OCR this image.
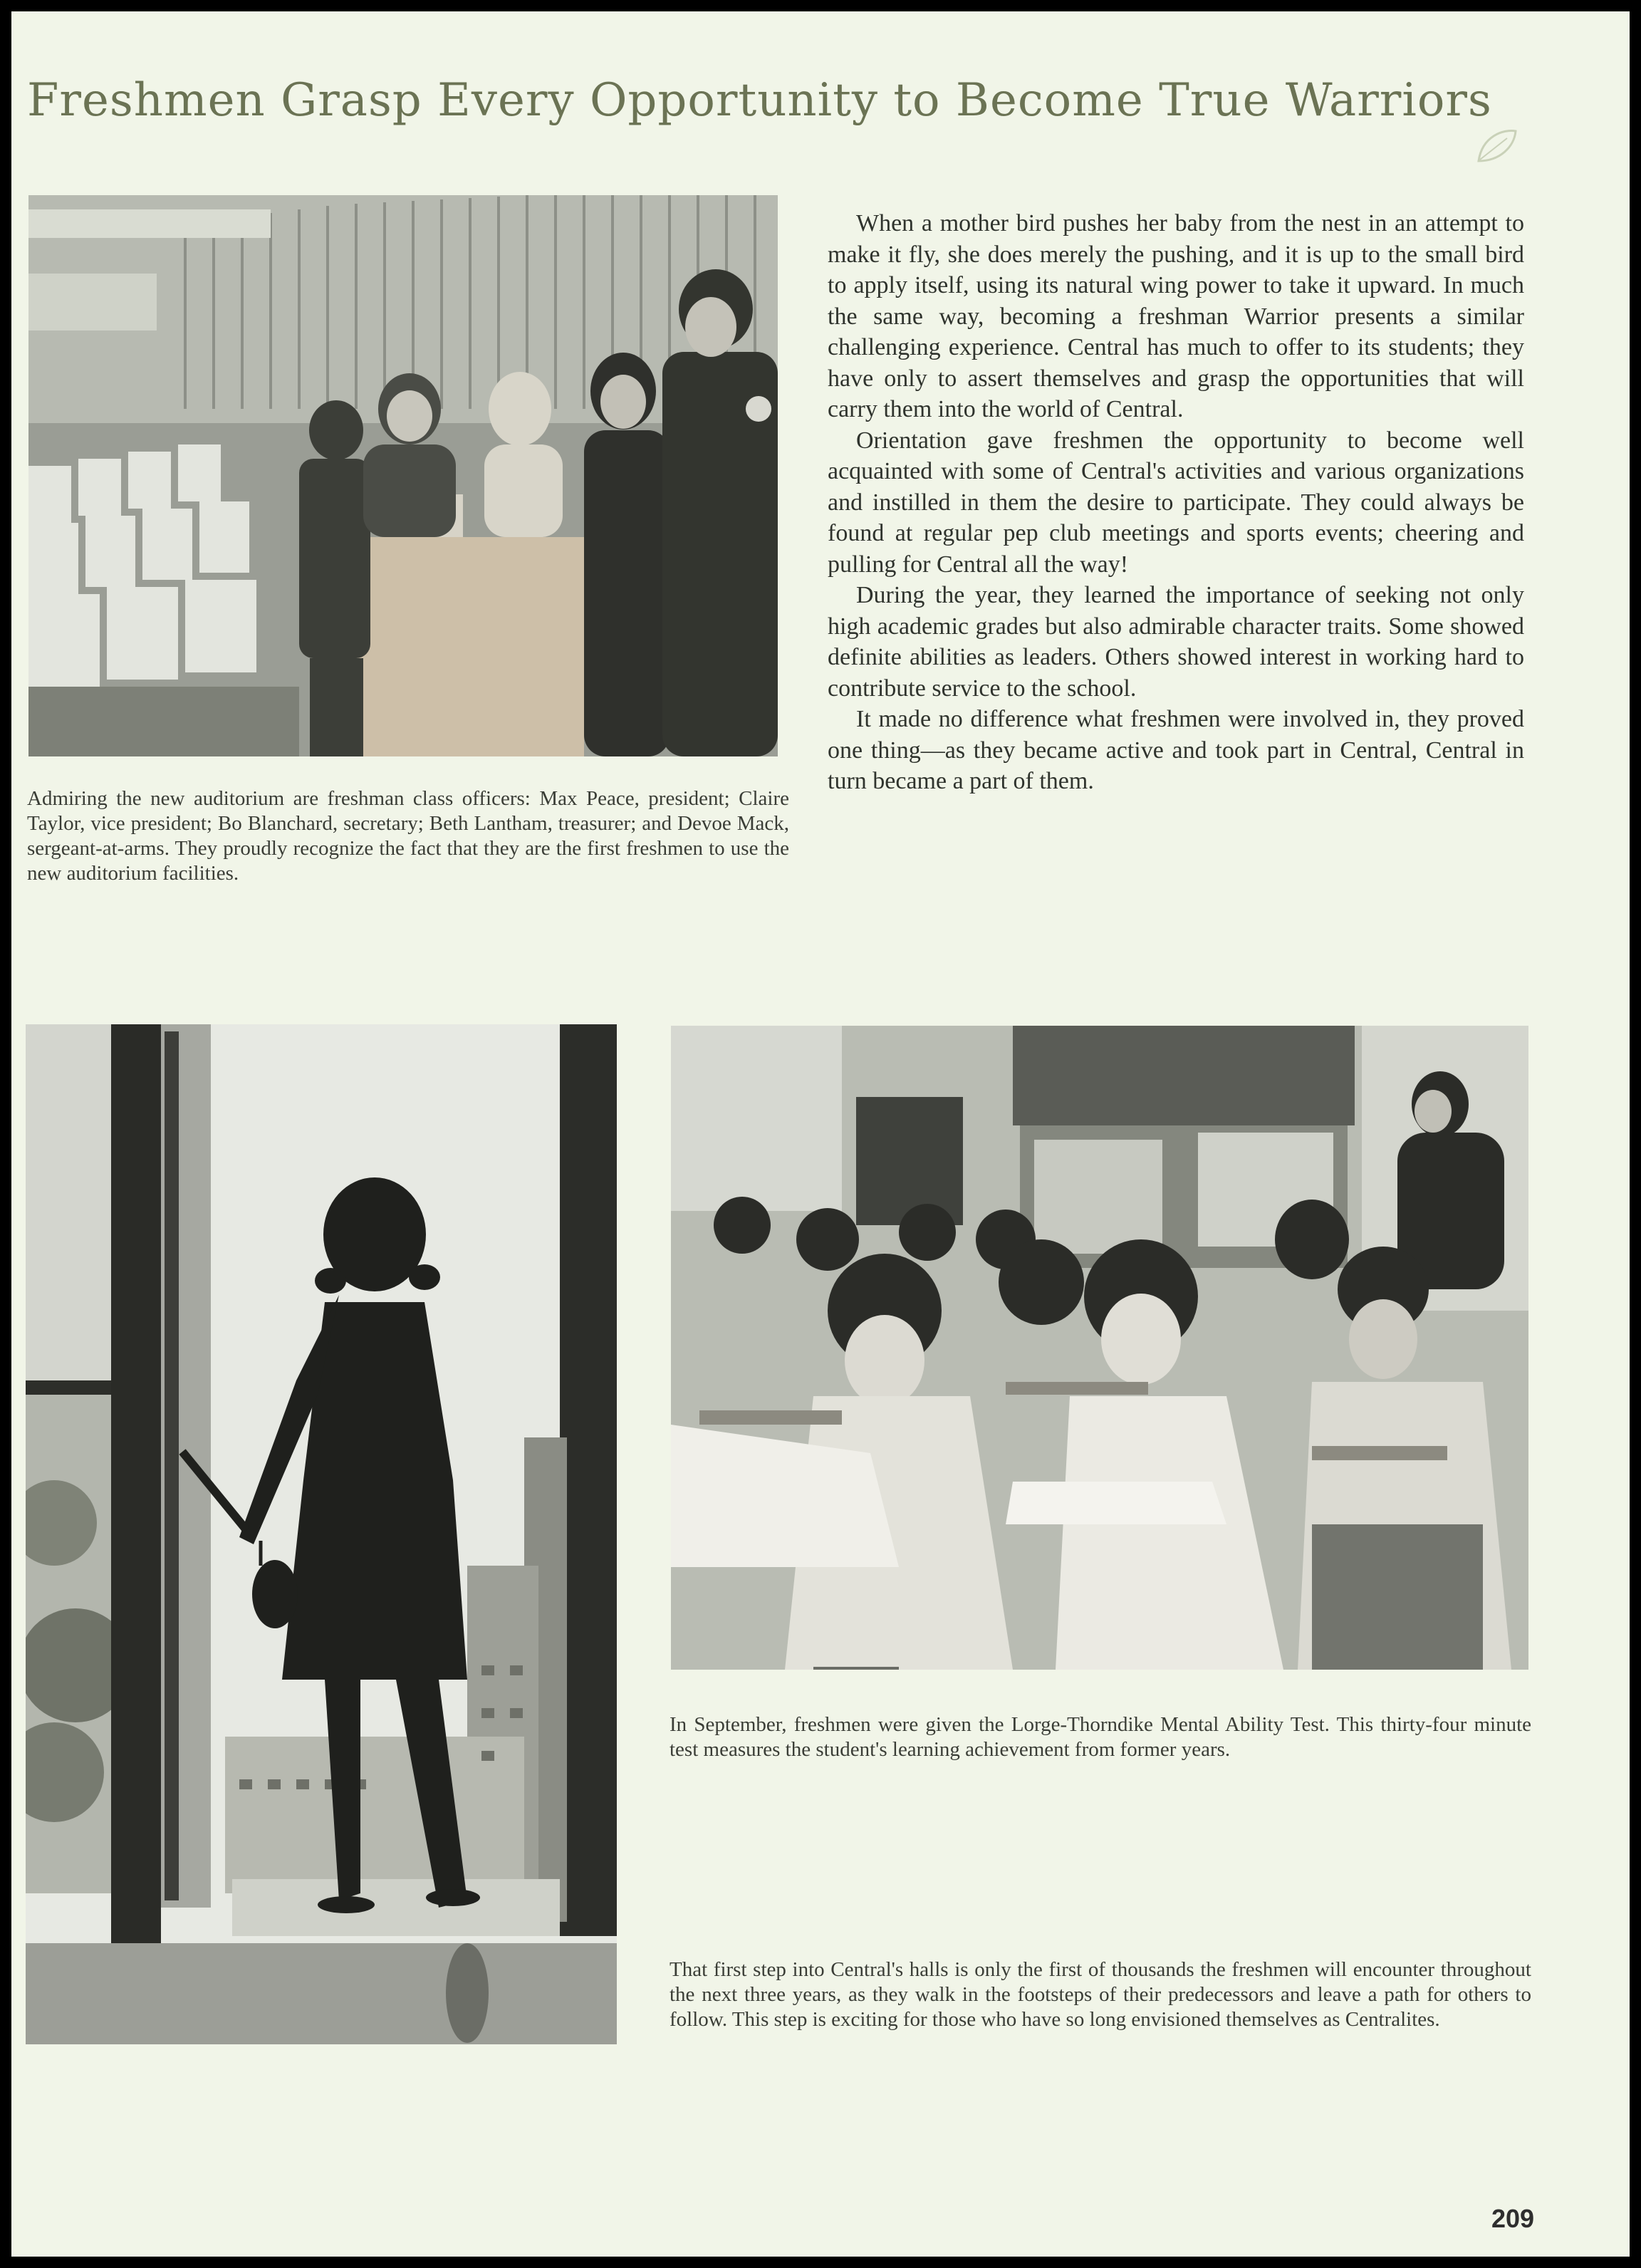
Freshmen Grasp Every Opportunity to Become True Warriors
Admiring the new auditorium are freshman class officers: Max Peace, president; Claire Taylor, vice president; Bo Blanchard, secretary; Beth Lantham, treasurer; and Devoe Mack, sergeant-at-arms. They proudly recognize the fact that they are the first freshmen to use the new auditorium facilities.

When a mother bird pushes her baby from the nest in an attempt to make it fly, she does merely the pushing, and it is up to the small bird to apply itself, using its natural wing power to take it upward. In much the same way, becoming a freshman Warrior presents a similar challenging experience. Central has much to offer to its students; they have only to assert themselves and grasp the opportunities that will carry them into the world of Central.

Orientation gave freshmen the opportunity to become well acquainted with some of Central's activities and various organizations and instilled in them the desire to participate. They could always be found at regular pep club meetings and sports events; cheering and pulling for Central all the way!

During the year, they learned the importance of seeking not only high academic grades but also admirable character traits. Some showed definite abilities as leaders. Others showed interest in working hard to contribute service to the school.

It made no difference what freshmen were involved in, they proved one thing—as they became active and took part in Central, Central in turn became a part of them.

In September, freshmen were given the Lorge-Thorndike Mental Ability Test. This thirty-four minute test measures the student's learning achievement from former years.
That first step into Central's halls is only the first of thousands the freshmen will encounter throughout the next three years, as they walk in the footsteps of their predecessors and leave a path for others to follow. This step is exciting for those who have so long envisioned themselves as Centralites.
209
